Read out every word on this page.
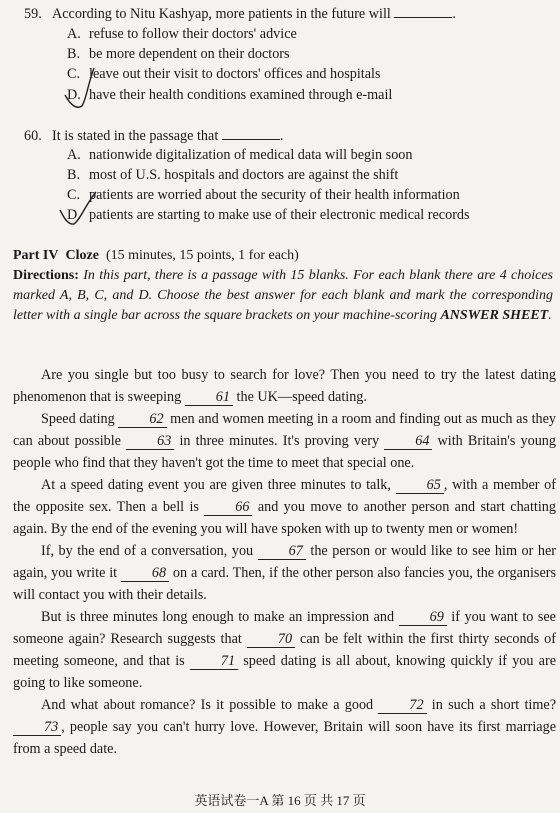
59. According to Nitu Kashyap, more patients in the future will	.
A. refuse to follow their doctors' advice
B. be more dependent on their doctors
C. leave out their visit to doctors' offices and hospitals
D. have their health conditions examined through e-mail
60. It is stated in the passage that	.
A. nationwide digitalization of medical data will begin soon
B. most of U.S. hospitals and doctors are against the shift
C. patients are worried about the security of their health information
D. patients are starting to make use of their electronic medical records
Part IV Cloze (15 minutes, 15 points, 1 for each)
Directions: In this part, there is a passage with 15 blanks. For each blank there are 4 choices marked A, B, C, and D. Choose the best answer for each blank and mark the corresponding letter with a single bar across the square brackets on your machine-scoring ANSWER SHEET.

Are you single but too busy to search for love? Then you need to try the latest dating phenomenon that is sweeping 61 the UK—speed dating.

Speed dating 62 men and women meeting in a room and finding out as much as they can about possible 63 in three minutes. It's proving very 64 with Britain's young people who find that they haven't got the time to meet that special one.

At a speed dating event you are given three minutes to talk, 65 , with a member of the opposite sex. Then a bell is 66 and you move to another person and start chatting again. By the end of the evening you will have spoken with up to twenty men or women!

If, by the end of a conversation, you 67 the person or would like to see him or her again, you write it 68 on a card. Then, if the other person also fancies you, the organisers will contact you with their details.

But is three minutes long enough to make an impression and 69 if you want to see someone again? Research suggests that 70 can be felt within the first thirty seconds of meeting someone, and that is 71 speed dating is all about, knowing quickly if you are going to like someone.

And what about romance? Is it possible to make a good 72 in such a short time? 73 , people say you can't hurry love. However, Britain will soon have its first marriage from a speed date.

英语试卷一A 第 16 页 共 17 页
